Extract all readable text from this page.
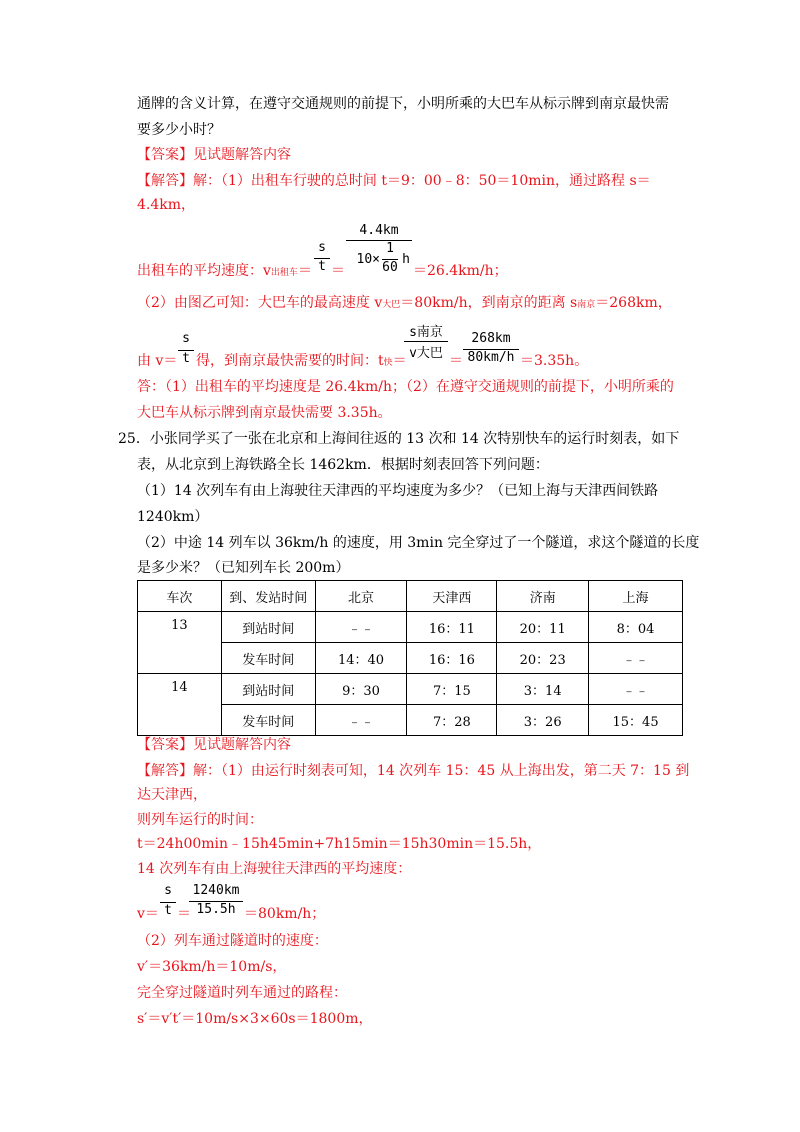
通牌的含义计算，在遵守交通规则的前提下，小明所乘的大巴车从标示牌到南京最快需
要多少小时？
【答案】见试题解答内容
【解答】解：（1）出租车行驶的总时间 t＝9：00﹣8：50＝10min，通过路程 s＝
4.4km，
出租车的平均速度：v出租车＝
s
t ＝
4.4km
10×
1
60
h
＝26.4km/h；
（2）由图乙可知：大巴车的最高速度 v大巴＝80km/h，到南京的距离 s南京＝268km，
由 v＝
s
t 得，到南京最快需要的时间：t快＝
s南京
v大巴 ＝
268km
80km/h ＝3.35h。
答：（1）出租车的平均速度是 26.4km/h；（2）在遵守交通规则的前提下，小明所乘的
大巴车从标示牌到南京最快需要 3.35h。
25．小张同学买了一张在北京和上海间往返的 13 次和 14 次特别快车的运行时刻表，如下
表，从北京到上海铁路全长 1462km．根据时刻表回答下列问题：
（1）14 次列车有由上海驶往天津西的平均速度为多少？（已知上海与天津西间铁路
1240km）
（2）中途 14 列车以 36km/h 的速度，用 3min 完全穿过了一个隧道，求这个隧道的长度
是多少米？（已知列车长 200m）
车次	到、发站时间	北京	天津西	济南	上海
13	到站时间	﹣﹣	16：11	20：11	8：04
	发车时间	14：40	16：16	20：23	﹣﹣
14	到站时间	9：30	7：15	3：14	﹣﹣
	发车时间	﹣﹣	7：28	3：26	15：45
【答案】见试题解答内容
【解答】解：（1）由运行时刻表可知，14 次列车 15：45 从上海出发，第二天 7：15 到
达天津西，
则列车运行的时间：
t＝24h00min﹣15h45min+7h15min＝15h30min＝15.5h，
14 次列车有由上海驶往天津西的平均速度：
v＝
s
t ＝
1240km
15.5h ＝80km/h；
（2）列车通过隧道时的速度：
v′＝36km/h＝10m/s，
完全穿过隧道时列车通过的路程：
s′＝v′t′＝10m/s×3×60s＝1800m，
